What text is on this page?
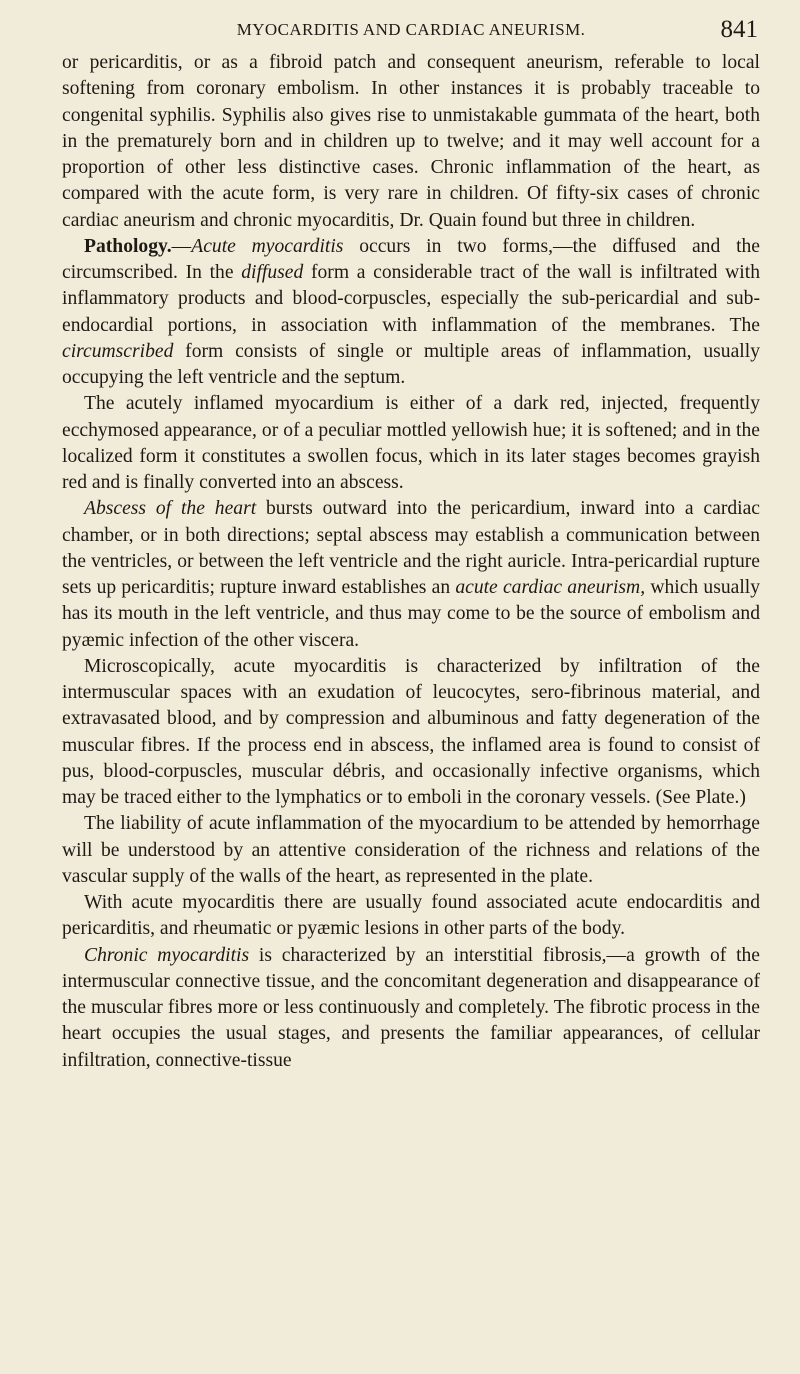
MYOCARDITIS AND CARDIAC ANEURISM.	841

or pericarditis, or as a fibroid patch and consequent aneurism, referable to local softening from coronary embolism. In other instances it is probably traceable to congenital syphilis. Syphilis also gives rise to unmistakable gummata of the heart, both in the prematurely born and in children up to twelve; and it may well account for a proportion of other less distinctive cases. Chronic inflammation of the heart, as compared with the acute form, is very rare in children. Of fifty-six cases of chronic cardiac aneurism and chronic myocarditis, Dr. Quain found but three in children.

Pathology.—Acute myocarditis occurs in two forms,—the diffused and the circumscribed. In the diffused form a considerable tract of the wall is infiltrated with inflammatory products and blood-corpuscles, especially the sub-pericardial and sub-endocardial portions, in association with inflammation of the membranes. The circumscribed form consists of single or multiple areas of inflammation, usually occupying the left ventricle and the septum.

The acutely inflamed myocardium is either of a dark red, injected, frequently ecchymosed appearance, or of a peculiar mottled yellowish hue; it is softened; and in the localized form it constitutes a swollen focus, which in its later stages becomes grayish red and is finally converted into an abscess.

Abscess of the heart bursts outward into the pericardium, inward into a cardiac chamber, or in both directions; septal abscess may establish a communication between the ventricles, or between the left ventricle and the right auricle. Intra-pericardial rupture sets up pericarditis; rupture inward establishes an acute cardiac aneurism, which usually has its mouth in the left ventricle, and thus may come to be the source of embolism and pyæmic infection of the other viscera.

Microscopically, acute myocarditis is characterized by infiltration of the intermuscular spaces with an exudation of leucocytes, sero-fibrinous material, and extravasated blood, and by compression and albuminous and fatty degeneration of the muscular fibres. If the process end in abscess, the inflamed area is found to consist of pus, blood-corpuscles, muscular débris, and occasionally infective organisms, which may be traced either to the lymphatics or to emboli in the coronary vessels. (See Plate.)

The liability of acute inflammation of the myocardium to be attended by hemorrhage will be understood by an attentive consideration of the richness and relations of the vascular supply of the walls of the heart, as represented in the plate.

With acute myocarditis there are usually found associated acute endocarditis and pericarditis, and rheumatic or pyæmic lesions in other parts of the body.

Chronic myocarditis is characterized by an interstitial fibrosis,—a growth of the intermuscular connective tissue, and the concomitant degeneration and disappearance of the muscular fibres more or less continuously and completely. The fibrotic process in the heart occupies the usual stages, and presents the familiar appearances, of cellular infiltration, connective-tissue
